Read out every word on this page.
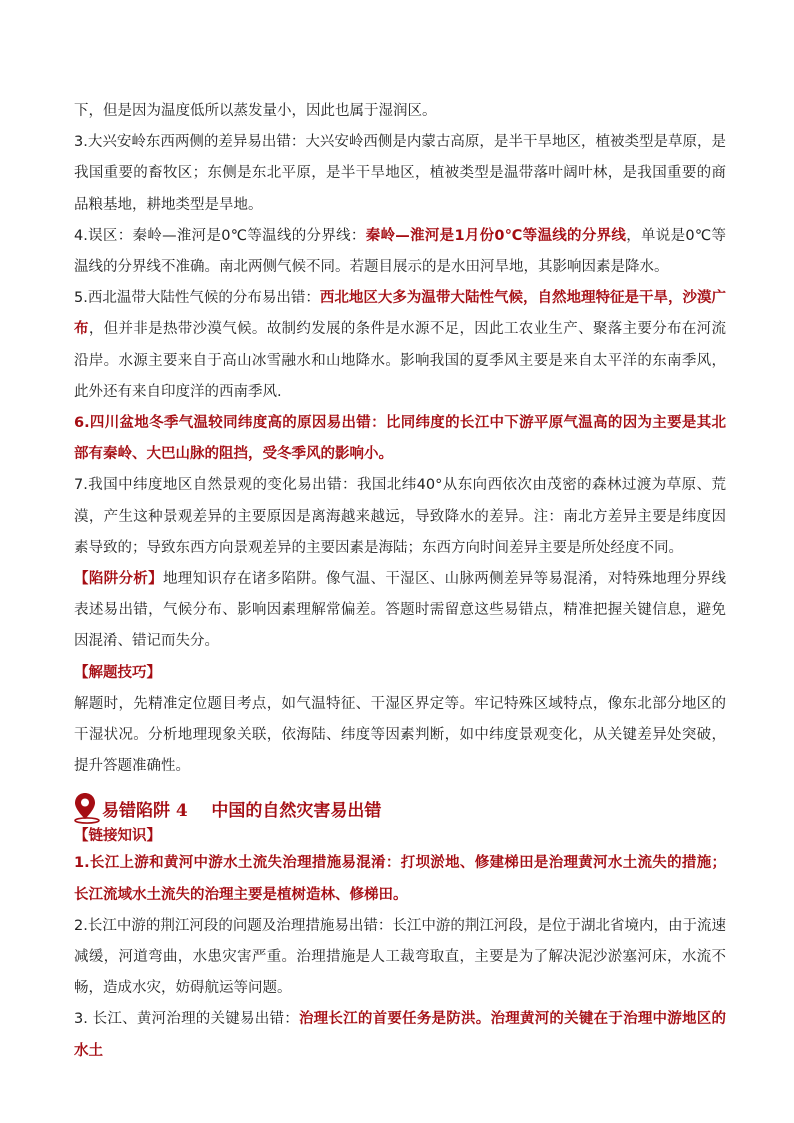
下，但是因为温度低所以蒸发量小，因此也属于湿润区。

3.大兴安岭东西两侧的差异易出错：大兴安岭西侧是内蒙古高原，是半干旱地区，植被类型是草原，是我国重要的畜牧区；东侧是东北平原，是半干旱地区，植被类型是温带落叶阔叶林，是我国重要的商品粮基地，耕地类型是旱地。

4.误区：秦岭—淮河是0℃等温线的分界线：秦岭—淮河是1月份0℃等温线的分界线，单说是0℃等温线的分界线不准确。南北两侧气候不同。若题目展示的是水田河旱地，其影响因素是降水。

5.西北温带大陆性气候的分布易出错：西北地区大多为温带大陆性气候，自然地理特征是干旱，沙漠广布，但并非是热带沙漠气候。故制约发展的条件是水源不足，因此工农业生产、聚落主要分布在河流沿岸。水源主要来自于高山冰雪融水和山地降水。影响我国的夏季风主要是来自太平洋的东南季风，此外还有来自印度洋的西南季风.

6.四川盆地冬季气温较同纬度高的原因易出错：比同纬度的长江中下游平原气温高的因为主要是其北部有秦岭、大巴山脉的阻挡，受冬季风的影响小。

7.我国中纬度地区自然景观的变化易出错：我国北纬40°从东向西依次由茂密的森林过渡为草原、荒漠，产生这种景观差异的主要原因是离海越来越远，导致降水的差异。注：南北方差异主要是纬度因素导致的；导致东西方向景观差异的主要因素是海陆；东西方向时间差异主要是所处经度不同。

【陷阱分析】地理知识存在诸多陷阱。像气温、干湿区、山脉两侧差异等易混淆，对特殊地理分界线表述易出错，气候分布、影响因素理解常偏差。答题时需留意这些易错点，精准把握关键信息，避免因混淆、错记而失分。

【解题技巧】

解题时，先精准定位题目考点，如气温特征、干湿区界定等。牢记特殊区域特点，像东北部分地区的干湿状况。分析地理现象关联，依海陆、纬度等因素判断，如中纬度景观变化，从关键差异处突破，提升答题准确性。

易错陷阱 4    中国的自然灾害易出错
【链接知识】

1.长江上游和黄河中游水土流失治理措施易混淆：打坝淤地、修建梯田是治理黄河水土流失的措施；长江流域水土流失的治理主要是植树造林、修梯田。

2.长江中游的荆江河段的问题及治理措施易出错：长江中游的荆江河段，是位于湖北省境内，由于流速减缓，河道弯曲，水患灾害严重。治理措施是人工裁弯取直，主要是为了解决泥沙淤塞河床，水流不畅，造成水灾，妨碍航运等问题。

3. 长江、黄河治理的关键易出错：治理长江的首要任务是防洪。治理黄河的关键在于治理中游地区的水土
